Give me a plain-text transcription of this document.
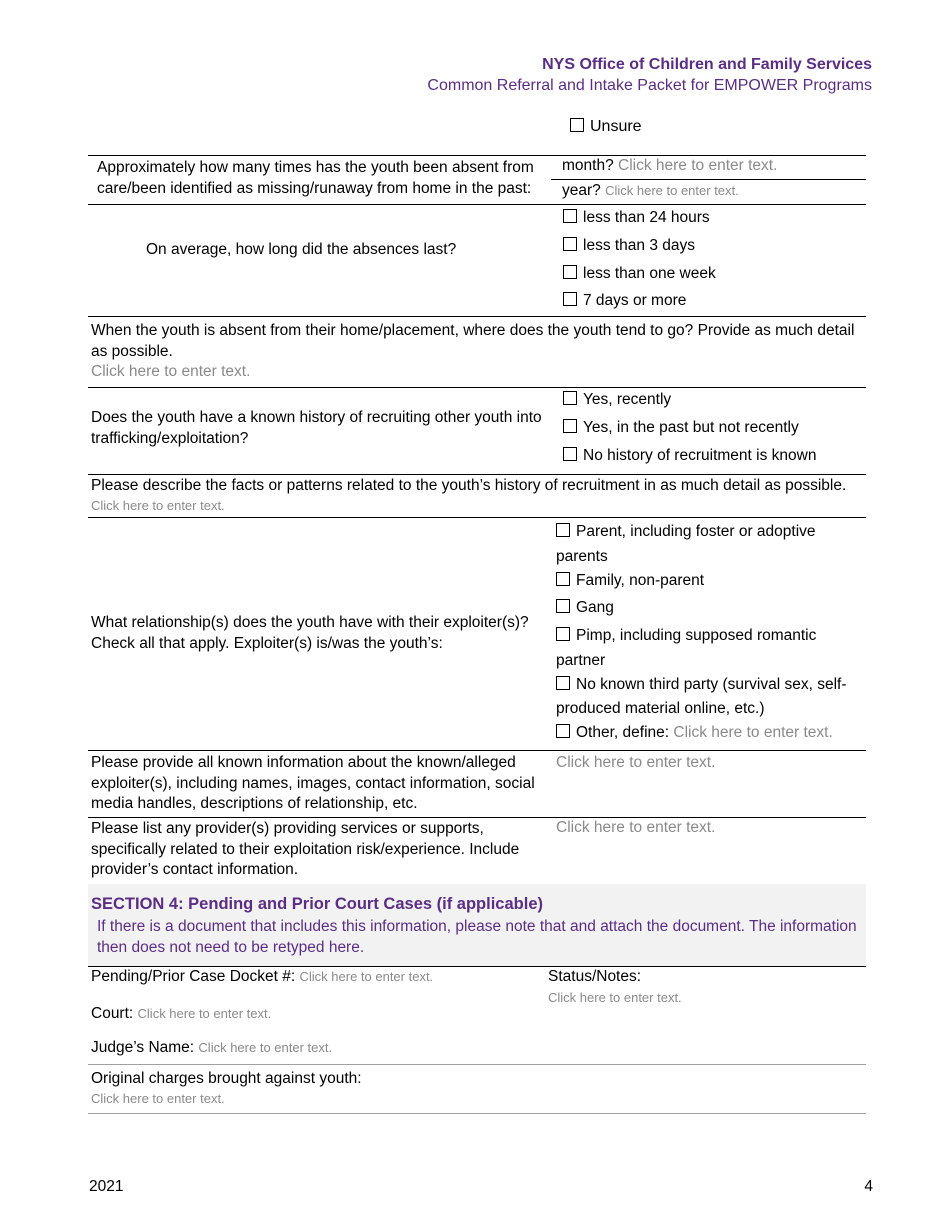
NYS Office of Children and Family Services
Common Referral and Intake Packet for EMPOWER Programs
Unsure
Approximately how many times has the youth been absent from care/been identified as missing/runaway from home in the past:
month? Click here to enter text.
year? Click here to enter text.
On average, how long did the absences last?
less than 24 hours
less than 3 days
less than one week
7 days or more
When the youth is absent from their home/placement, where does the youth tend to go? Provide as much detail as possible.
Click here to enter text.
Does the youth have a known history of recruiting other youth into trafficking/exploitation?
Yes, recently
Yes, in the past but not recently
No history of recruitment is known
Please describe the facts or patterns related to the youth’s history of recruitment in as much detail as possible.
Click here to enter text.
What relationship(s) does the youth have with their exploiter(s)? Check all that apply. Exploiter(s) is/was the youth’s:
Parent, including foster or adoptive
parents
Family, non-parent
Gang
Pimp, including supposed romantic
partner
No known third party (survival sex, self-
produced material online, etc.)
Other, define: Click here to enter text.
Please provide all known information about the known/alleged exploiter(s), including names, images, contact information, social media handles, descriptions of relationship, etc.
Click here to enter text.
Please list any provider(s) providing services or supports, specifically related to their exploitation risk/experience. Include provider’s contact information.
Click here to enter text.
SECTION 4: Pending and Prior Court Cases (if applicable)
If there is a document that includes this information, please note that and attach the document. The information then does not need to be retyped here.
Pending/Prior Case Docket #: Click here to enter text.	Status/Notes:
Click here to enter text.
Court: Click here to enter text.
Judge’s Name: Click here to enter text.
Original charges brought against youth:
Click here to enter text.
2021	4
